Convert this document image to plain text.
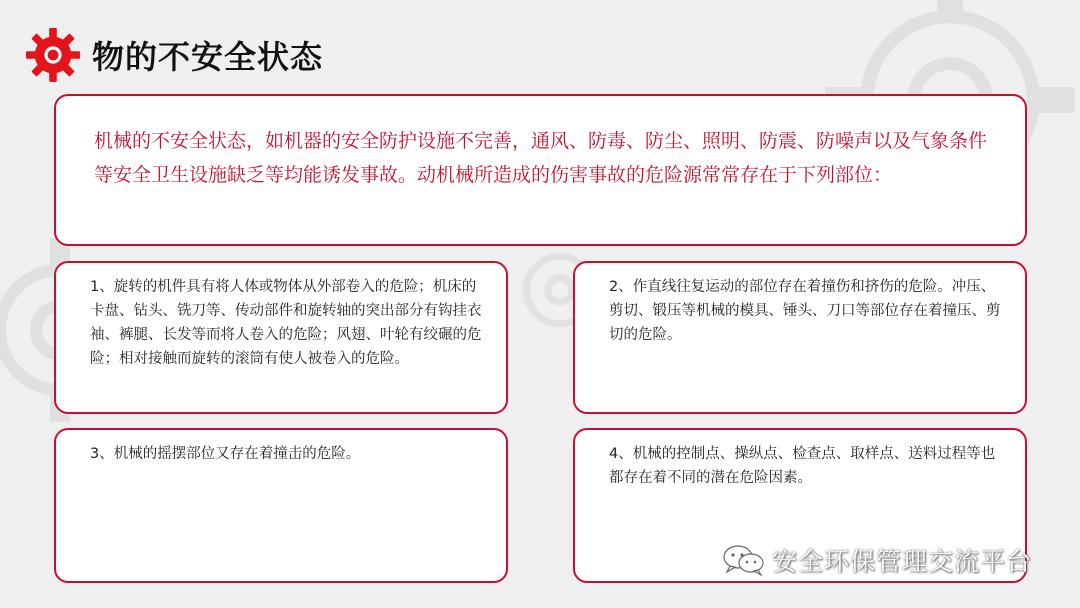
物的不安全状态

机械的不安全状态，如机器的安全防护设施不完善，通风、防毒、防尘、照明、防震、防噪声以及气象条件等安全卫生设施缺乏等均能诱发事故。动机械所造成的伤害事故的危险源常常存在于下列部位：

1、旋转的机件具有将人体或物体从外部卷入的危险；机床的卡盘、钻头、铣刀等、传动部件和旋转轴的突出部分有钩挂衣袖、裤腿、长发等而将人卷入的危险；风翅、叶轮有绞碾的危险；相对接触而旋转的滚筒有使人被卷入的危险。

2、作直线往复运动的部位存在着撞伤和挤伤的危险。冲压、剪切、锻压等机械的模具、锤头、刀口等部位存在着撞压、剪切的危险。

3、机械的摇摆部位又存在着撞击的危险。	4、机械的控制点、操纵点、检查点、取样点、送料过程等也都存在着不同的潜在危险因素。

安全环保管理交流平台
